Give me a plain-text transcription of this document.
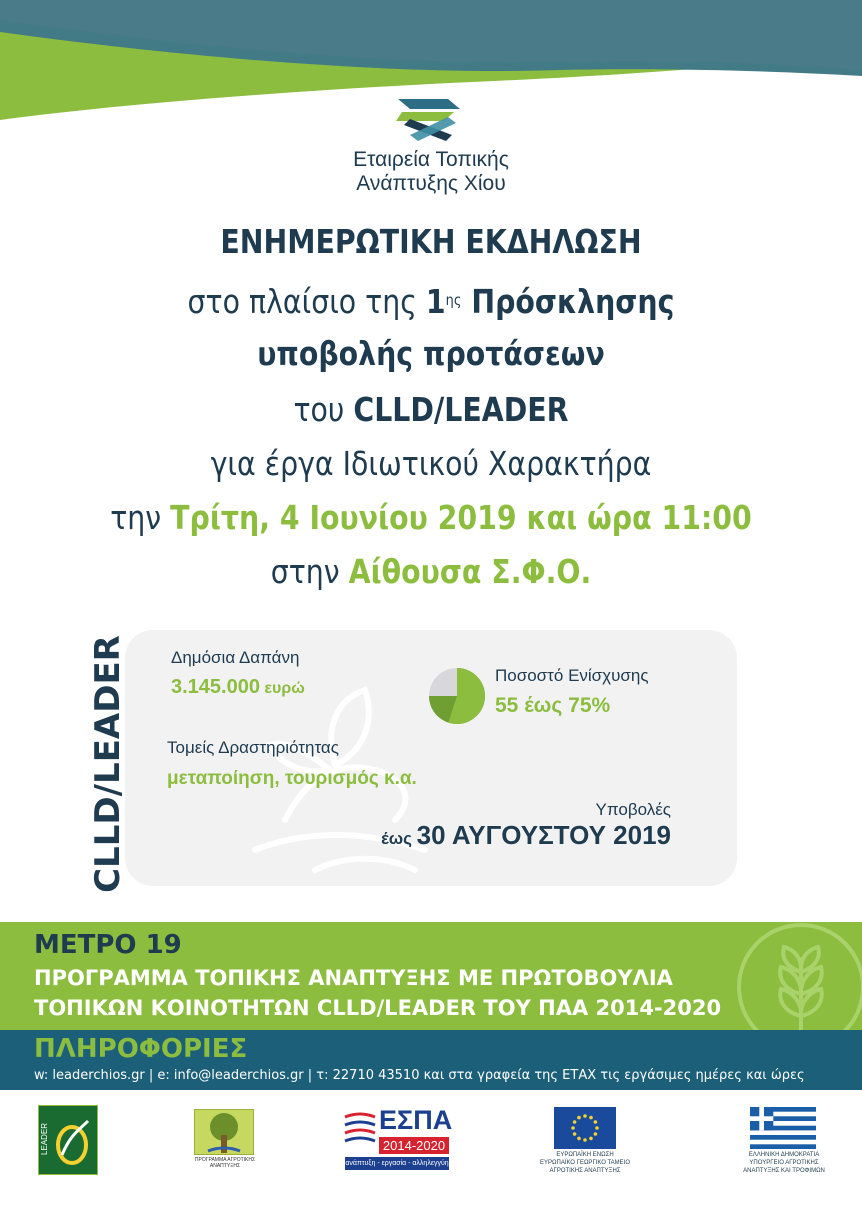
Εταιρεία Τοπικής
Ανάπτυξης Χίου
ΕΝΗΜΕΡΩΤΙΚΗ ΕΚΔΗΛΩΣΗ
στο πλαίσιο της $1^{\eta\varsigma}$ Πρόσκλησης
υποβολής προτάσεων
του CLLD/LEADER
για έργα Ιδιωτικού Χαρακτήρα
την Τρίτη, 4 Ιουνίου 2019 και ώρα 11:00
στην Αίθουσα Σ.Φ.Ο.
Δημόσια Δαπάνη
3.145.000 ευρώ
Ποσοστό Ενίσχυσης
55 έως 75%
Τομείς Δραστηριότητας
μεταποίηση, τουρισμός κ.α.
Υποβολές
έως 30 ΑΥΓΟΥΣΤΟΥ 2019
CLLD/LEADER
ΜΕΤΡΟ 19
ΠΡΟΓΡΑΜΜΑ ΤΟΠΙΚΗΣ ΑΝΑΠΤΥΞΗΣ ΜΕ ΠΡΩΤΟΒΟΥΛΙΑ
ΤΟΠΙΚΩΝ ΚΟΙΝΟΤΗΤΩΝ CLLD/LEADER ΤΟΥ ΠΑΑ 2014-2020
ΠΛΗΡΟΦΟΡΙΕΣ
w: leaderchios.gr | e: info@leaderchios.gr | τ: 22710 43510 και στα γραφεία της ΕΤΑΧ τις εργάσιμες ημέρες και ώρες
LEADER
ΠΡΟΓΡΑΜΜΑ ΑΓΡΟΤΙΚΗΣ ΑΝΑΠΤΥΞΗΣ
ΕΣΠΑ
2014-2020
ανάπτυξη - εργασία - αλληλεγγύη
ΕΥΡΩΠΑΪΚΗ ΕΝΩΣΗ
ΕΥΡΩΠΑΪΚΟ ΓΕΩΡΓΙΚΟ ΤΑΜΕΙΟ
ΑΓΡΟΤΙΚΗΣ ΑΝΑΠΤΥΞΗΣ
ΕΛΛΗΝΙΚΗ ΔΗΜΟΚΡΑΤΙΑ
ΥΠΟΥΡΓΕΙΟ ΑΓΡΟΤΙΚΗΣ
ΑΝΑΠΤΥΞΗΣ ΚΑΙ ΤΡΟΦΙΜΩΝ
